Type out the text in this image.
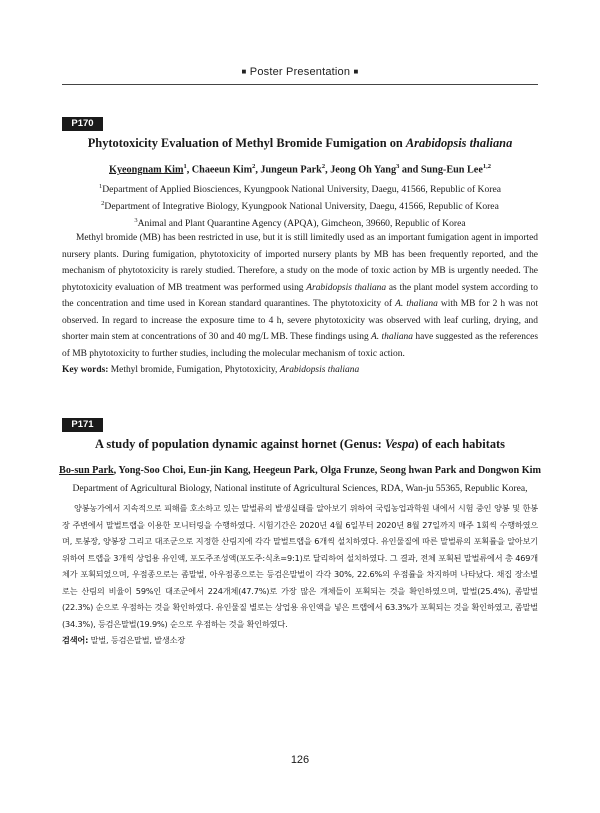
■ Poster Presentation ■
P170
Phytotoxicity Evaluation of Methyl Bromide Fumigation on Arabidopsis thaliana
Kyeongnam Kim$^1$, Chaeeun Kim$^2$, Jungeun Park$^2$, Jeong Oh Yang$^3$ and Sung-Eun Lee$^{1,2}$
$^1$Department of Applied Biosciences, Kyungpook National University, Daegu, 41566, Republic of Korea
$^2$Department of Integrative Biology, Kyungpook National University, Daegu, 41566, Republic of Korea
$^3$Animal and Plant Quarantine Agency (APQA), Gimcheon, 39660, Republic of Korea

Methyl bromide (MB) has been restricted in use, but it is still limitedly used as an important fumigation agent in imported nursery plants. During fumigation, phytotoxicity of imported nursery plants by MB has been frequently reported, and the mechanism of phytotoxicity is rarely studied. Therefore, a study on the mode of toxic action by MB is urgently needed. The phytotoxicity evaluation of MB treatment was performed using Arabidopsis thaliana as the plant model system according to the concentration and time used in Korean standard quarantines. The phytotoxicity of A. thaliana with MB for 2 h was not observed. In regard to increase the exposure time to 4 h, severe phytotoxicity was observed with leaf curling, drying, and shorter main stem at concentrations of 30 and 40 mg/L MB. These findings using A. thaliana have suggested as the references of MB phytotoxicity to further studies, including the molecular mechanism of toxic action.

Key words: Methyl bromide, Fumigation, Phytotoxicity, Arabidopsis thaliana
P171
A study of population dynamic against hornet (Genus: Vespa) of each habitats
Bo-sun Park, Yong-Soo Choi, Eun-jin Kang, Heegeun Park, Olga Frunze, Seong hwan Park and Dongwon Kim
Department of Agricultural Biology, National institute of Agricultural Sciences, RDA, Wan-ju 55365, Republic Korea,

양봉농가에서 지속적으로 피해를 호소하고 있는 말벌류의 발생실태를 알아보기 위하여 국립농업과학원 내에서 시험 중인 양봉 및 한봉장 주변에서 말벌트랩을 이용한 모니터링을 수행하였다. 시험기간은 2020년 4월 6일부터 2020년 8월 27일까지 매주 1회씩 수행하였으며, 토봉장, 양봉장 그리고 대조군으로 지정한 산림지에 각각 말벌트랩을 6개씩 설치하였다. 유인물질에 따른 말벌류의 포획률을 알아보기 위하여 트랩을 3개씩 상업용 유인액, 포도주조성액(포도주:식초=9:1)로 달리하여 설치하였다. 그 결과, 전체 포획된 말벌류에서 총 469개체가 포획되었으며, 우점종으로는 좀말벌, 아우점종으로는 등검은말벌이 각각 30%, 22.6%의 우점률을 차지하며 나타났다. 채집 장소별로는 산림의 비율이 59%인 대조군에서 224개체(47.7%)로 가장 많은 개체들이 포획되는 것을 확인하였으며, 말벌(25.4%), 좀말벌(22.3%) 순으로 우점하는 것을 확인하였다. 유인물질 별로는 상업용 유인액을 넣은 트랩에서 63.3%가 포획되는 것을 확인하였고, 좀말벌(34.3%), 등검은말벌(19.9%) 순으로 우점하는 것을 확인하였다.

검색어: 말벌, 등검은말벌, 발생소장
126
